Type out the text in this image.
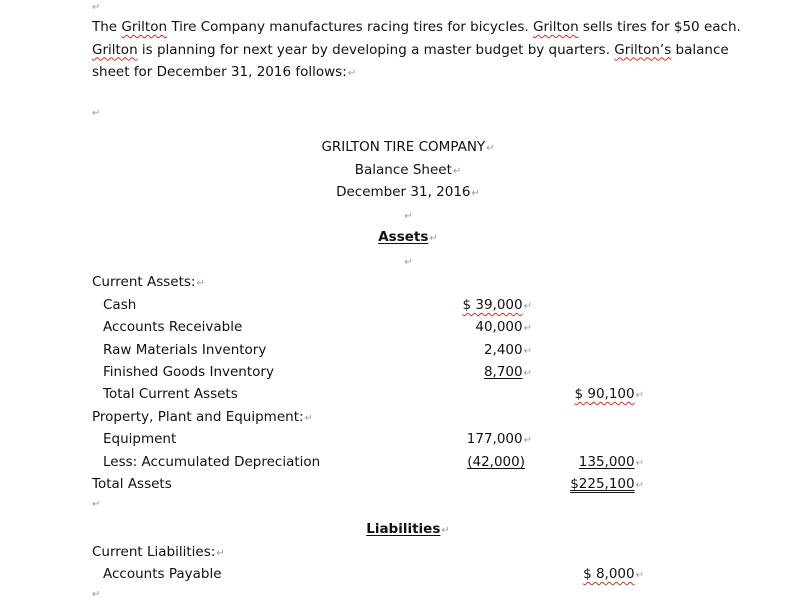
↵
The Grilton Tire Company manufactures racing tires for bicycles. Grilton sells tires for $50 each.
Grilton is planning for next year by developing a master budget by quarters. Grilton’s balance sheet for December 31, 2016 follows:↵
↵
GRILTON TIRE COMPANY↵
Balance Sheet↵
December 31, 2016↵
↵
Assets↵
↵
Current Assets:↵
Cash
Accounts Receivable
Raw Materials Inventory
Finished Goods Inventory
Total Current Assets
Property, Plant and Equipment:↵
Equipment
Less: Accumulated Depreciation
Total Assets
$ 39,000↵
40,000↵
2,400↵
8,700↵
177,000↵
(42,000)
$ 90,100↵
135,000↵
$225,100↵
↵
Liabilities↵
Current Liabilities:↵
Accounts Payable	$ 8,000↵
↵
